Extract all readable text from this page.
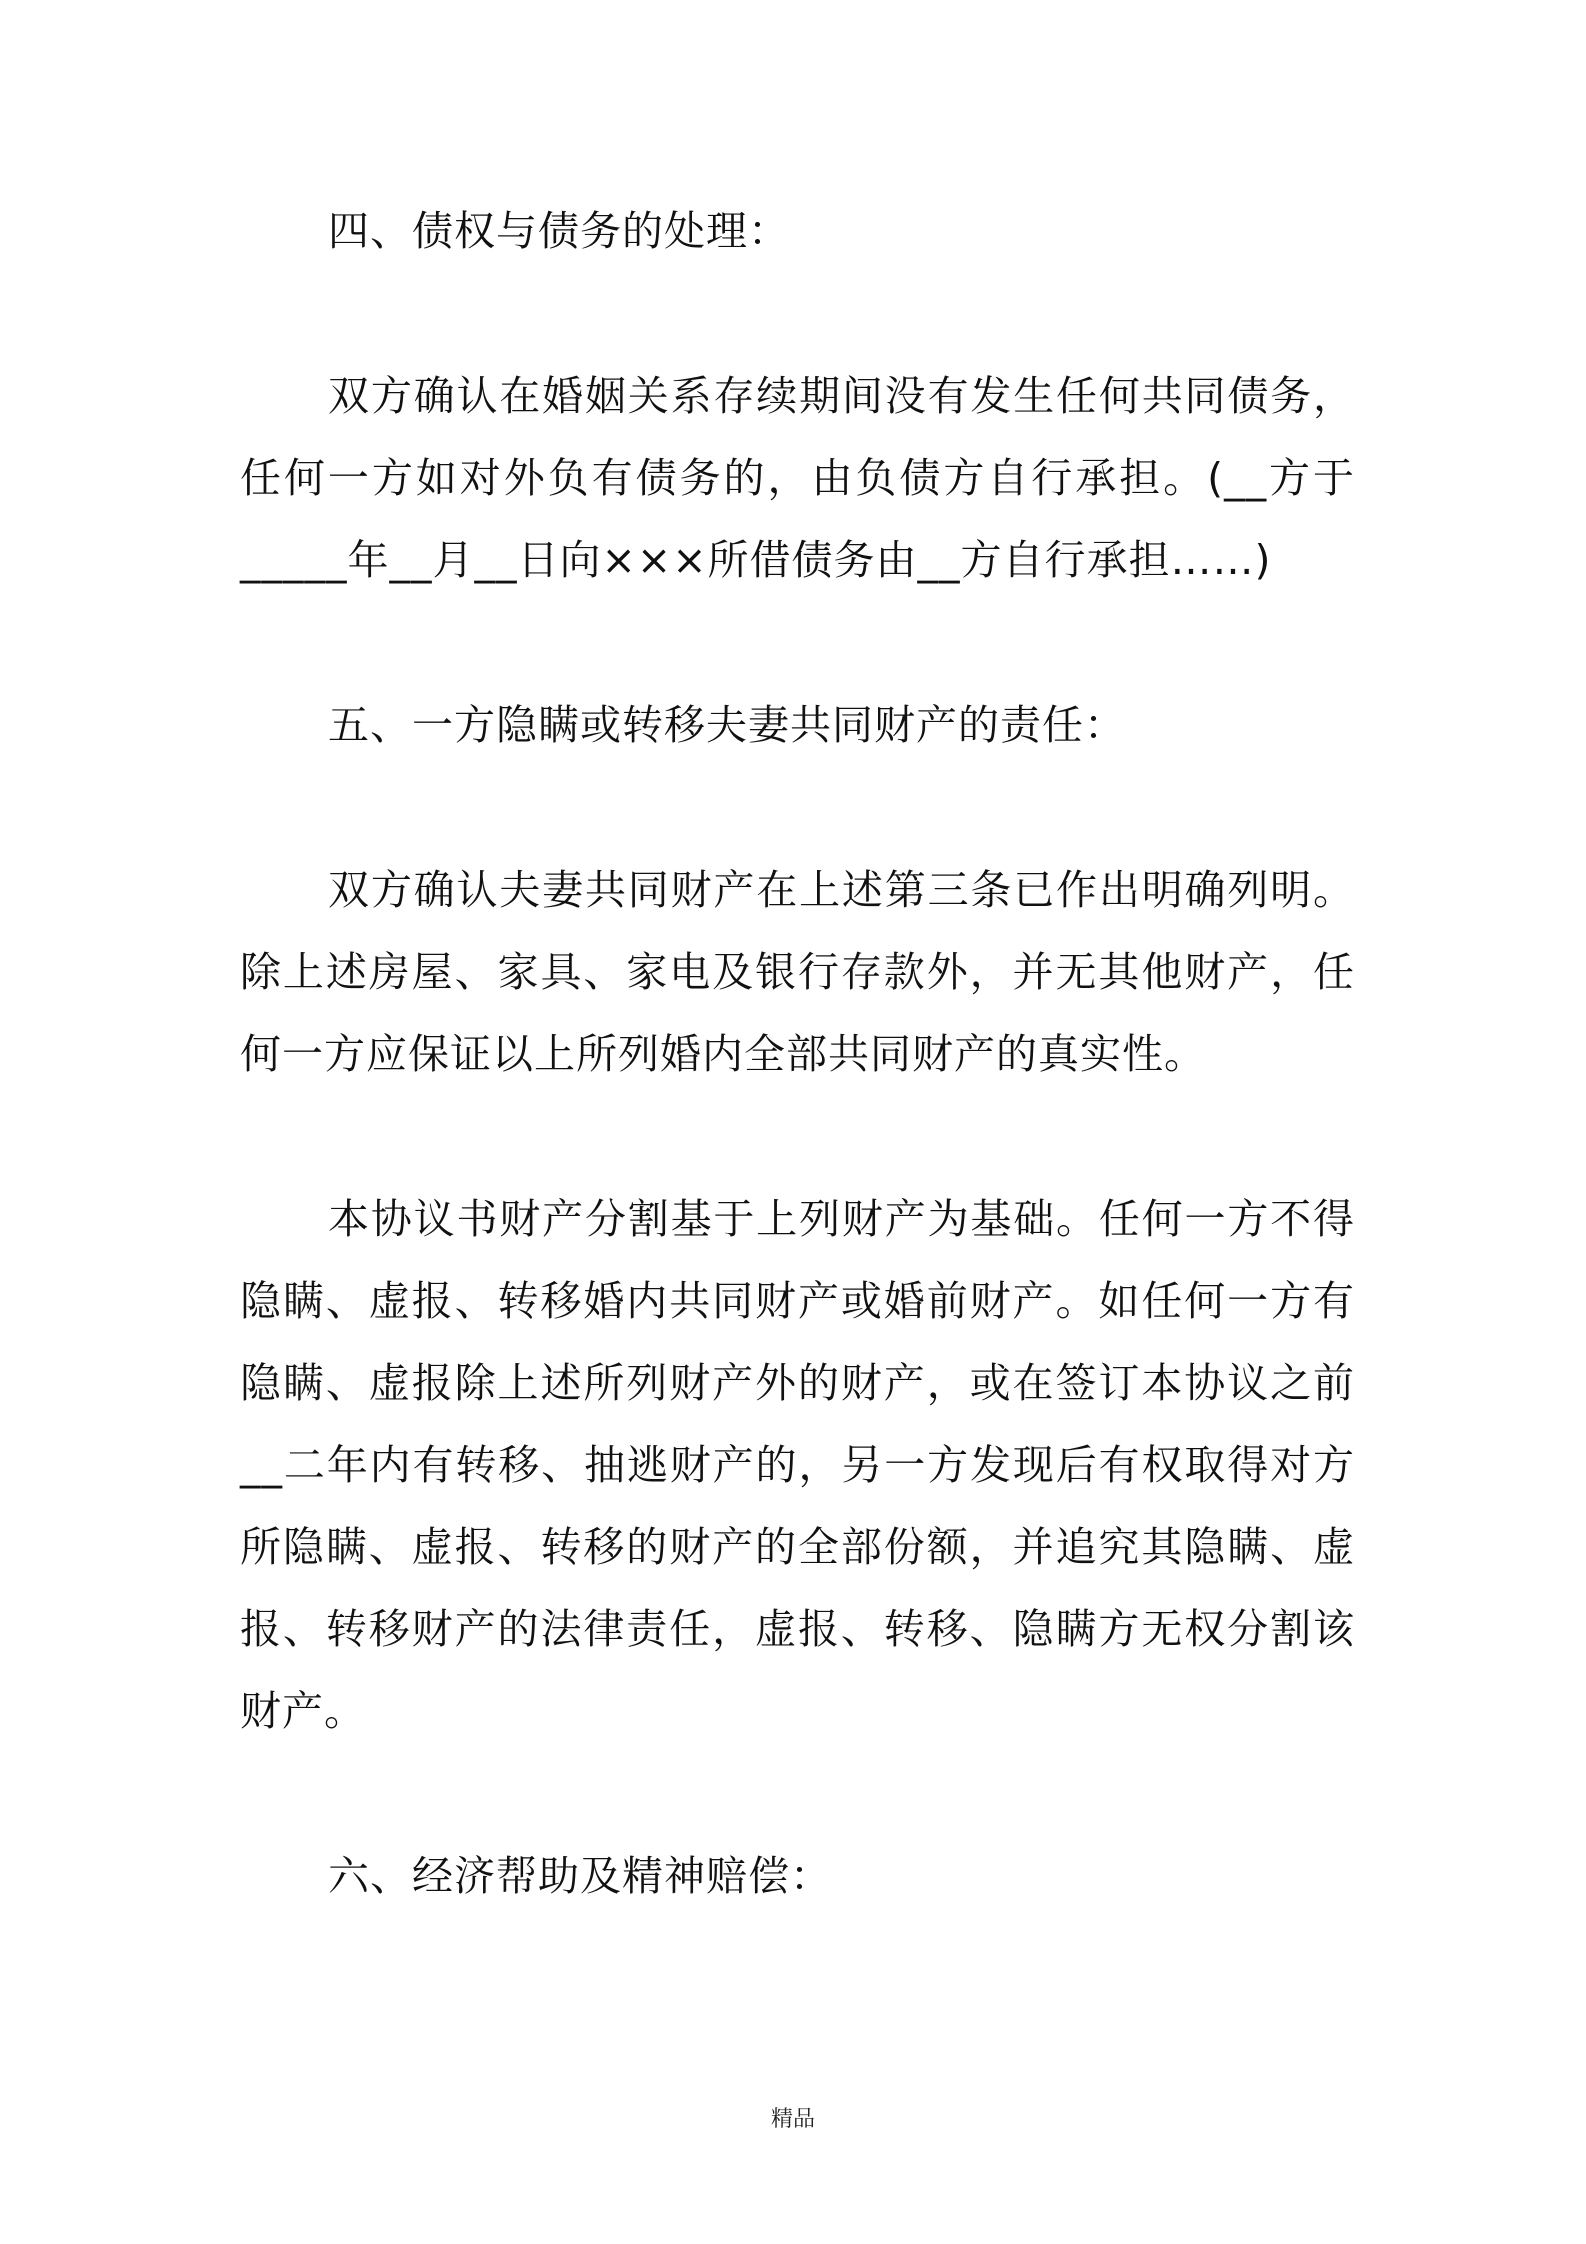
四、债权与债务的处理：

双方确认在婚姻关系存续期间没有发生任何共同债务，任何一方如对外负有债务的，由负债方自行承担。(__方于_____年__月__日向×××所借债务由__方自行承担……)

五、一方隐瞒或转移夫妻共同财产的责任：

双方确认夫妻共同财产在上述第三条已作出明确列明。除上述房屋、家具、家电及银行存款外，并无其他财产，任何一方应保证以上所列婚内全部共同财产的真实性。

本协议书财产分割基于上列财产为基础。任何一方不得隐瞒、虚报、转移婚内共同财产或婚前财产。如任何一方有隐瞒、虚报除上述所列财产外的财产，或在签订本协议之前__二年内有转移、抽逃财产的，另一方发现后有权取得对方所隐瞒、虚报、转移的财产的全部份额，并追究其隐瞒、虚报、转移财产的法律责任，虚报、转移、隐瞒方无权分割该财产。

六、经济帮助及精神赔偿：

精品
